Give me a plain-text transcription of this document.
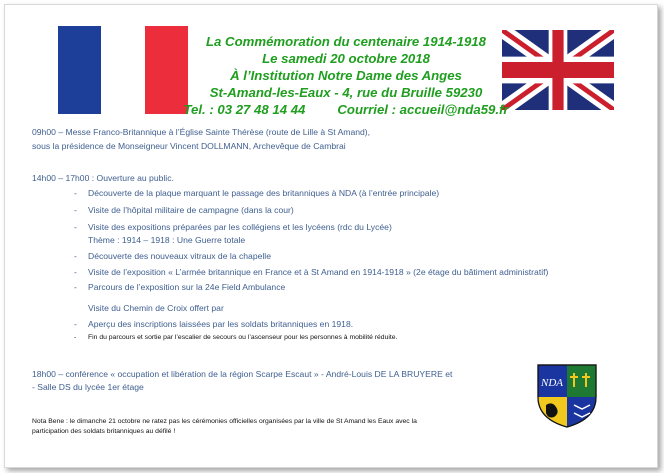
La Commémoration du centenaire 1914-1918
Le samedi 20 octobre 2018
À l’Institution Notre Dame des Anges
St-Amand-les-Eaux - 4, rue du Bruille 59230
Tel. : 03 27 48 14 44 Courriel : accueil@nda59.fr
09h00 – Messe Franco-Britannique à l’Église Sainte Thérèse (route de Lille à St Amand),
sous la présidence de Monseigneur Vincent DOLLMANN, Archevêque de Cambrai
14h00 – 17h00 : Ouverture au public.
- Découverte de la plaque marquant le passage des britanniques à NDA (à l’entrée principale)
- Visite de l’hôpital militaire de campagne (dans la cour)
- Visite des expositions préparées par les collégiens et les lycéens (rdc du Lycée)
Thème : 1914 – 1918 : Une Guerre totale
- Découverte des nouveaux vitraux de la chapelle
- Visite de l’exposition « L’armée britannique en France et à St Amand en 1914-1918 » (2e étage du bâtiment administratif)
- Parcours de l’exposition sur la 24e Field Ambulance
Visite du Chemin de Croix offert par
- Aperçu des inscriptions laissées par les soldats britanniques en 1918.
- Fin du parcours et sortie par l’escalier de secours ou l’ascenseur pour les personnes à mobilité réduite.
18h00 – conférence « occupation et libération de la région Scarpe Escaut » - André-Louis DE LA BRUYERE et
- Salle DS du lycée 1er étage	NDA
Nota Bene : le dimanche 21 octobre ne ratez pas les cérémonies officielles organisées par la ville de St Amand les Eaux avec la
participation des soldats britanniques au défilé !
